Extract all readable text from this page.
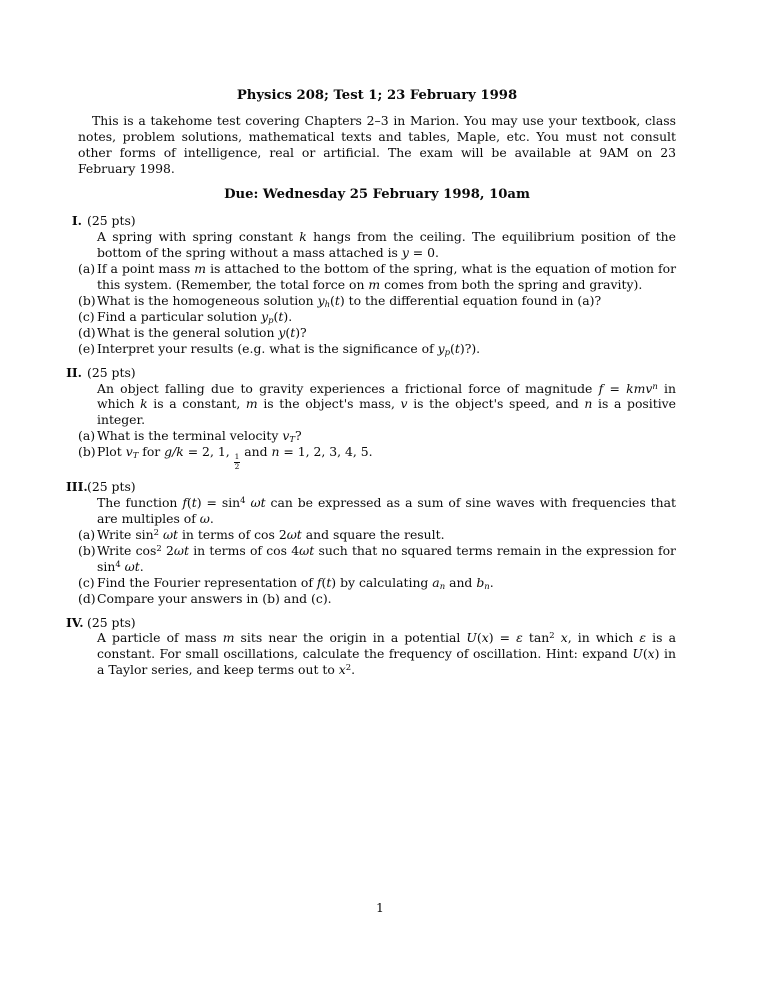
Physics 208; Test 1; 23 February 1998
This is a takehome test covering Chapters 2–3 in Marion. You may use your textbook, class notes, problem solutions, mathematical texts and tables, Maple, etc. You must not consult other forms of intelligence, real or artificial. The exam will be available at 9AM on 23 February 1998.
Due: Wednesday 25 February 1998, 10am
I. (25 pts)
A spring with spring constant k hangs from the ceiling. The equilibrium position of the bottom of the spring without a mass attached is y = 0.
(a) If a point mass m is attached to the bottom of the spring, what is the equation of motion for this system. (Remember, the total force on m comes from both the spring and gravity).
(b) What is the homogeneous solution $y_h(t)$ to the differential equation found in (a)?
(c) Find a particular solution $y_p(t)$.
(d) What is the general solution y(t)?
(e) Interpret your results (e.g. what is the significance of $y_p(t)$?).
II. (25 pts)
An object falling due to gravity experiences a frictional force of magnitude f = kmv$^n$ in which k is a constant, m is the object's mass, v is the object's speed, and n is a positive integer.
(a) What is the terminal velocity $v_T$?
(b) Plot $v_T$ for g/k = 2, 1,
$\frac{1}{2}$
and n = 1, 2, 3, 4, 5.
III. (25 pts)
The function $f(t) = \sin^4 \omega t$ can be expressed as a sum of sine waves with frequencies that are multiples of ω.
(a) Write $\sin^2 \omega t$ in terms of cos 2ωt and square the result.
(b) Write $\cos^2 2\omega t$ in terms of cos 4ωt such that no squared terms remain in the expression for $\sin^4 \omega t$.
(c) Find the Fourier representation of f(t) by calculating $a_n$ and $b_n$.
(d) Compare your answers in (b) and (c).
IV. (25 pts)
A particle of mass m sits near the origin in a potential U(x) = ε $\tan^2 x$, in which ε is a constant. For small oscillations, calculate the frequency of oscillation. Hint: expand U(x) in a Taylor series, and keep terms out to $x^2$.
1
